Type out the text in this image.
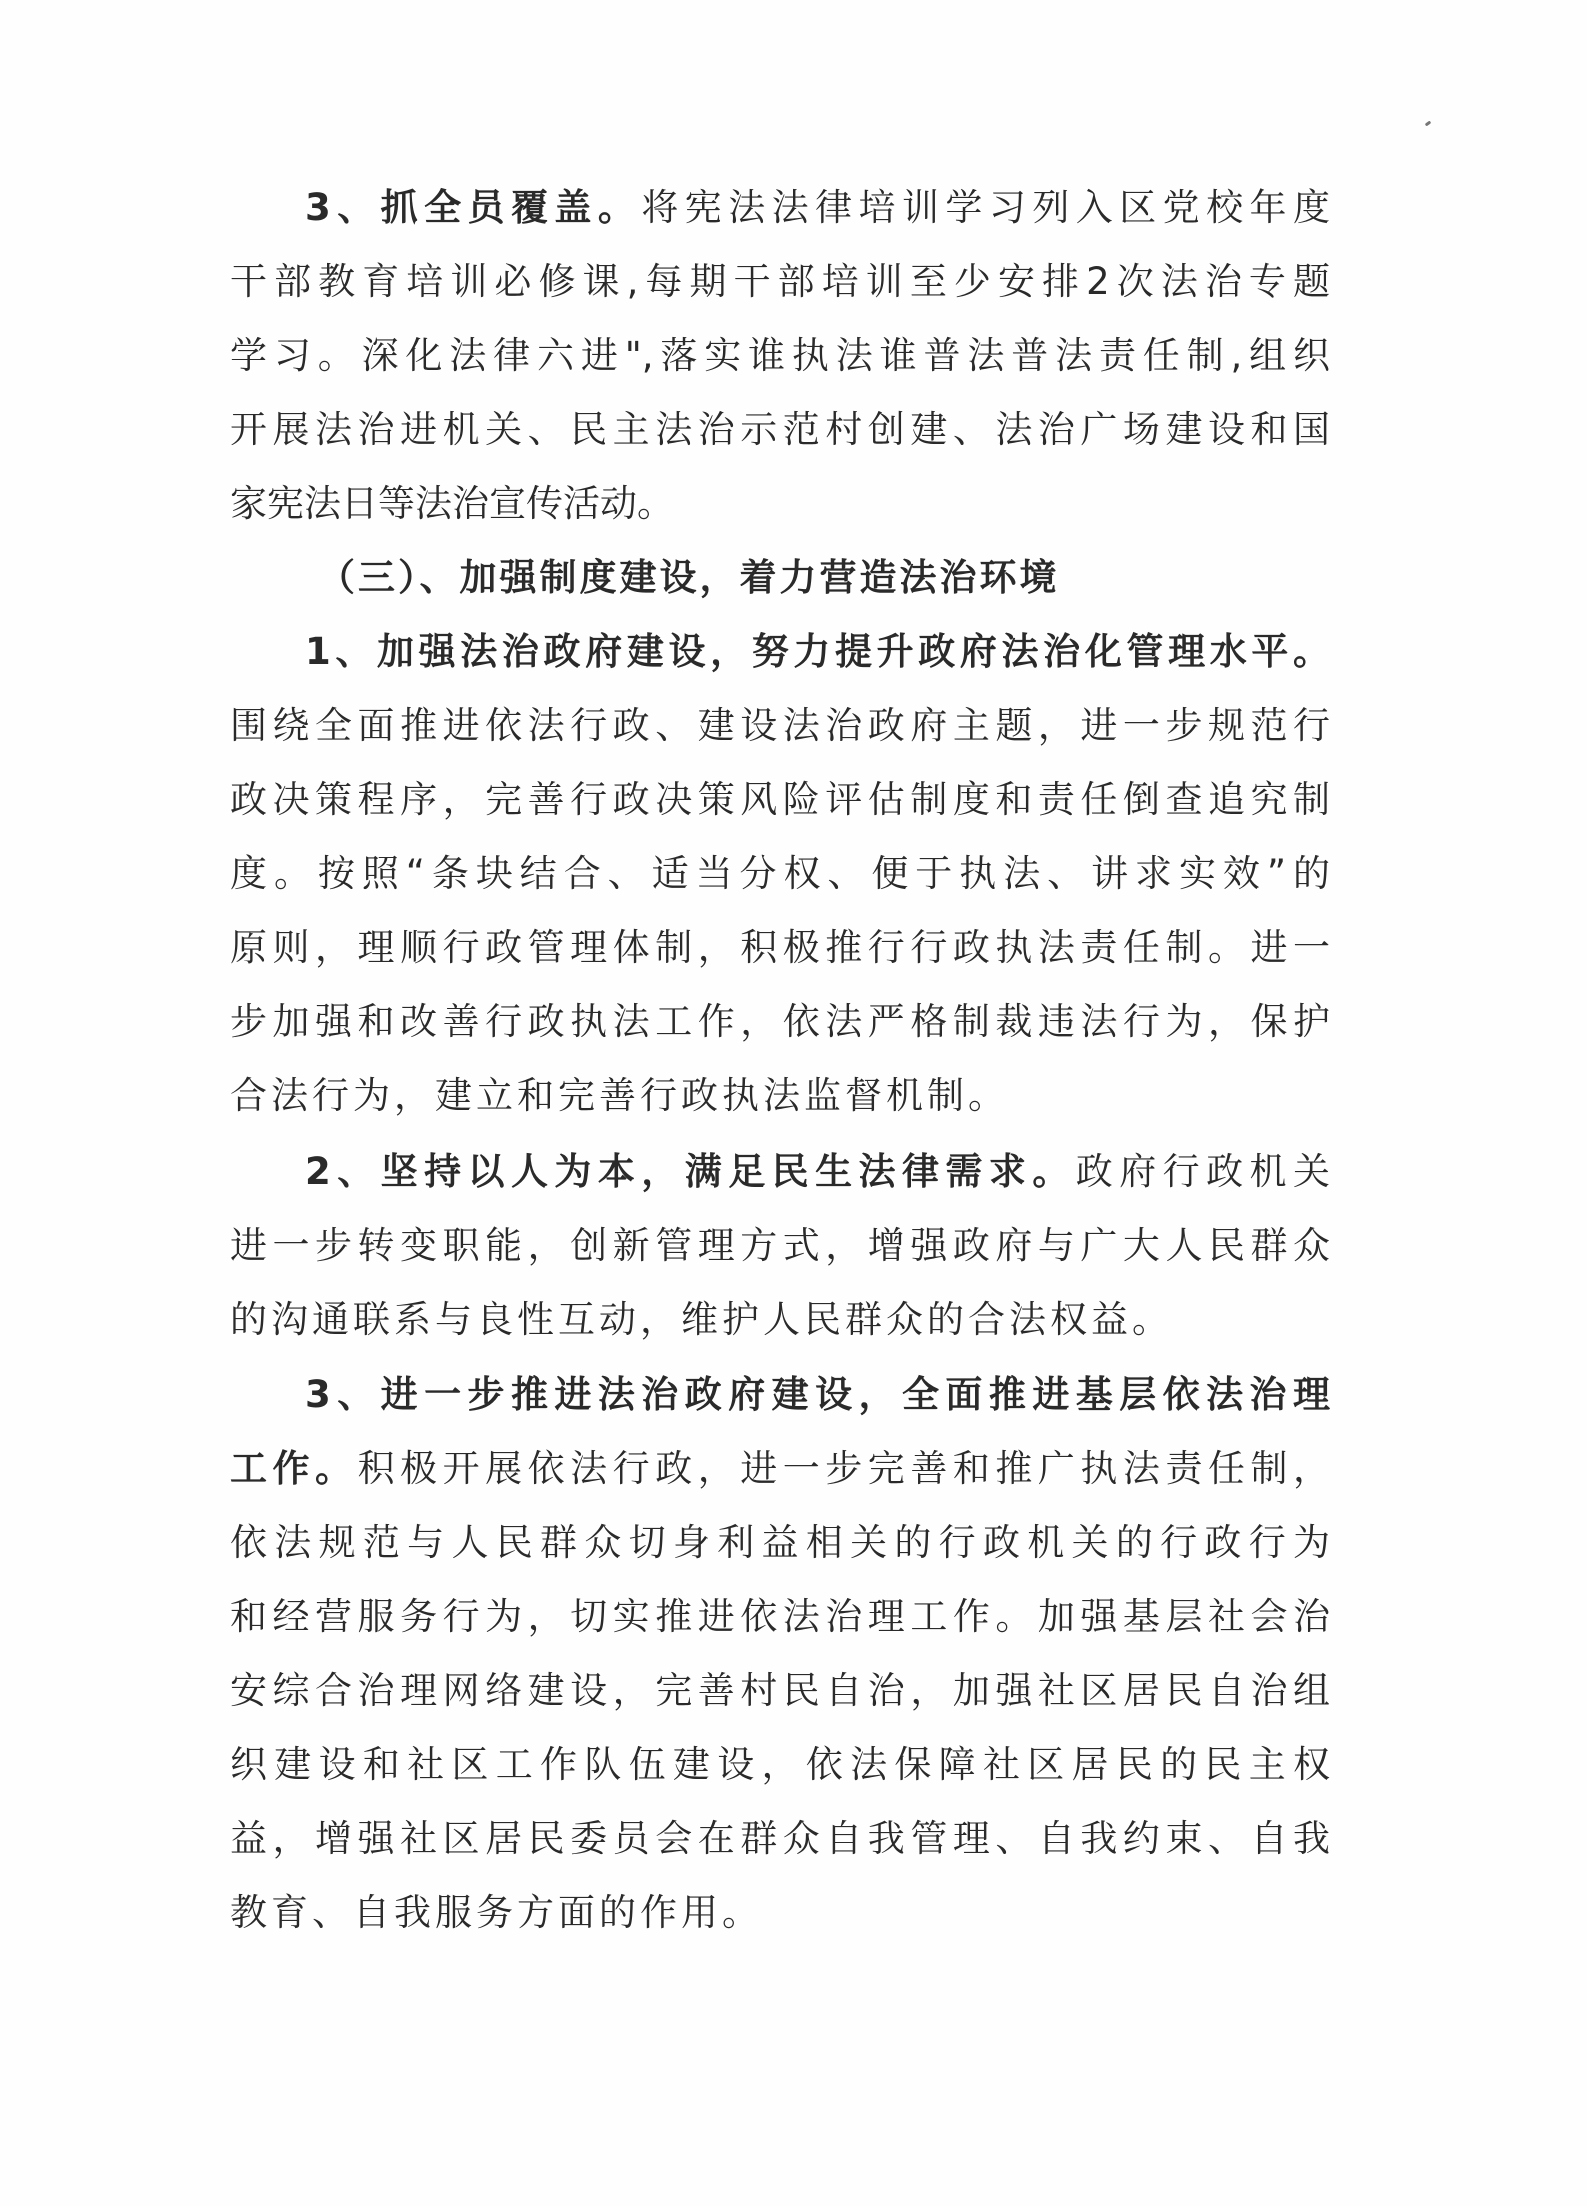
3、抓全员覆盖。将宪法法律培训学习列入区党校年度
干部教育培训必修课,每期干部培训至少安排2次法治专题
学习。深化法律六进",落实谁执法谁普法普法责任制,组织
开展法治进机关、民主法治示范村创建、法治广场建设和国
家宪法日等法治宣传活动。
（三）、加强制度建设，着力营造法治环境
1、加强法治政府建设，努力提升政府法治化管理水平。
围绕全面推进依法行政、建设法治政府主题，进一步规范行
政决策程序，完善行政决策风险评估制度和责任倒查追究制
度。按照“条块结合、适当分权、便于执法、讲求实效”的
原则，理顺行政管理体制，积极推行行政执法责任制。进一
步加强和改善行政执法工作，依法严格制裁违法行为，保护
合法行为，建立和完善行政执法监督机制。
2、坚持以人为本，满足民生法律需求。政府行政机关
进一步转变职能，创新管理方式，增强政府与广大人民群众
的沟通联系与良性互动，维护人民群众的合法权益。
3、进一步推进法治政府建设，全面推进基层依法治理
工作。积极开展依法行政，进一步完善和推广执法责任制，
依法规范与人民群众切身利益相关的行政机关的行政行为
和经营服务行为，切实推进依法治理工作。加强基层社会治
安综合治理网络建设，完善村民自治，加强社区居民自治组
织建设和社区工作队伍建设，依法保障社区居民的民主权
益，增强社区居民委员会在群众自我管理、自我约束、自我
教育、自我服务方面的作用。
